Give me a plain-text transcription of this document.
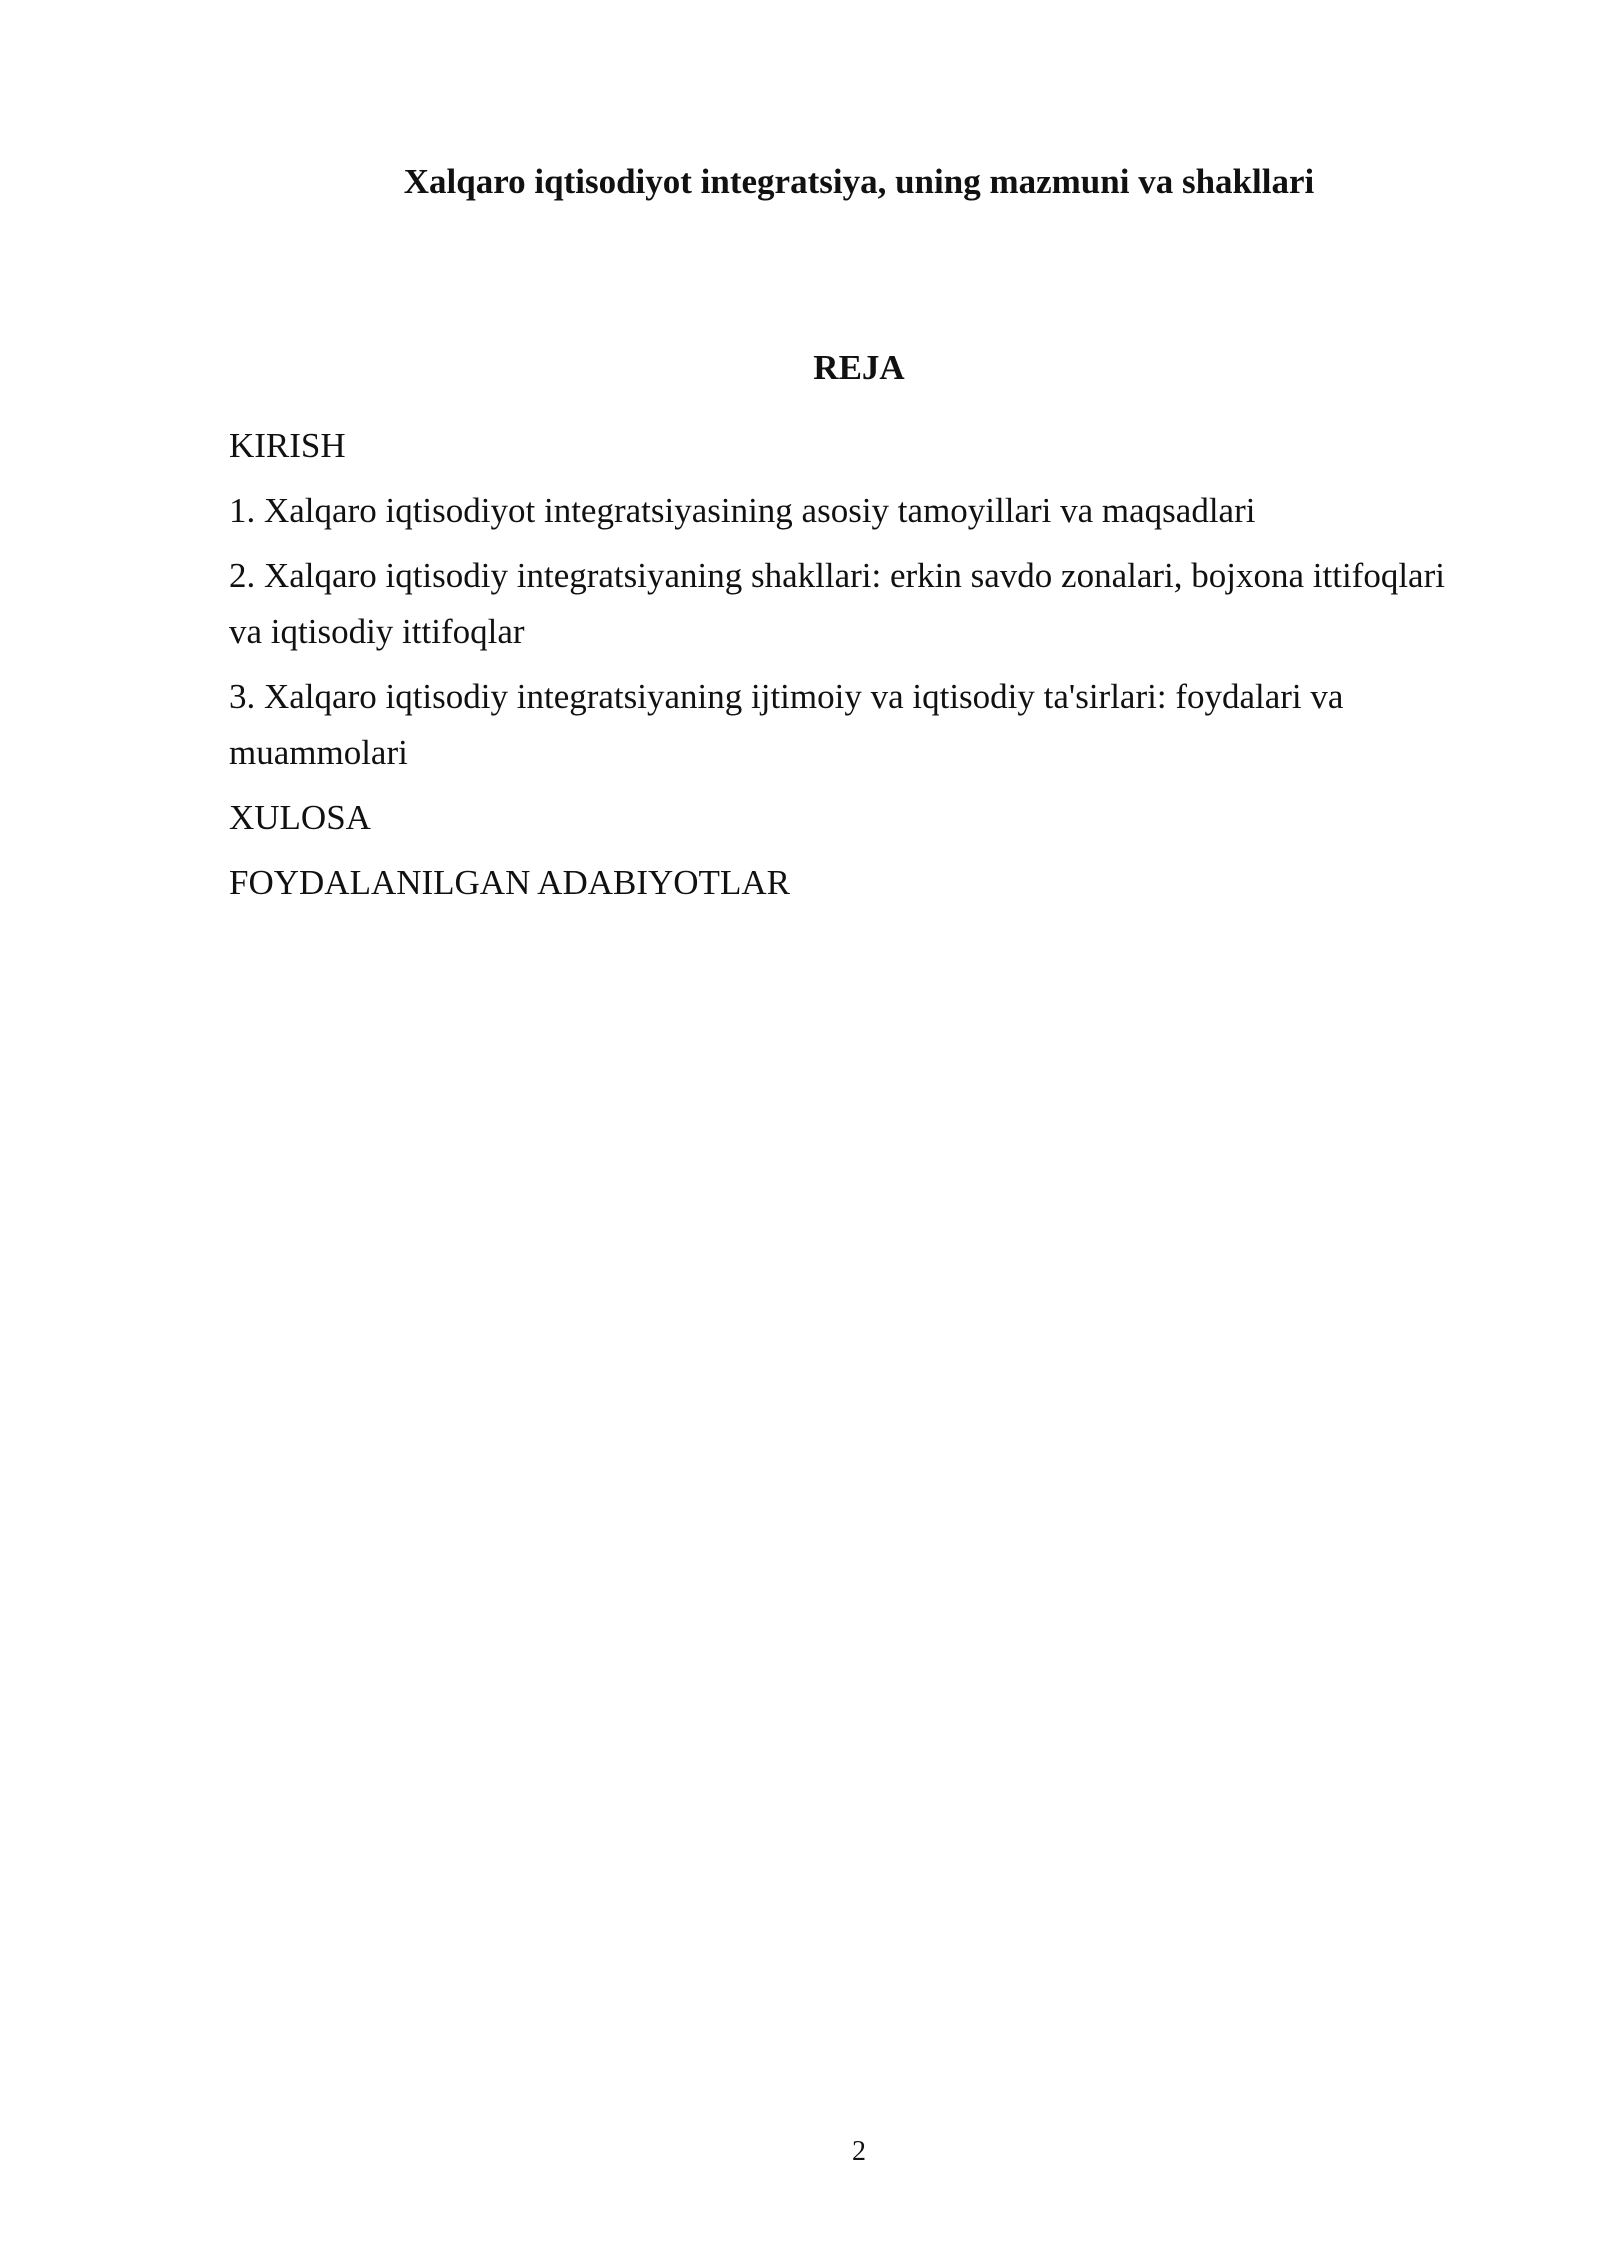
Xalqaro iqtisodiyot integratsiya, uning mazmuni va shakllari
REJA
KIRISH
1. Xalqaro iqtisodiyot integratsiyasining asosiy tamoyillari va maqsadlari
2. Xalqaro iqtisodiy integratsiyaning shakllari: erkin savdo zonalari, bojxona ittifoqlari va iqtisodiy ittifoqlar
3. Xalqaro iqtisodiy integratsiyaning ijtimoiy va iqtisodiy ta'sirlari: foydalari va muammolari
XULOSA
FOYDALANILGAN ADABIYOTLAR
2
